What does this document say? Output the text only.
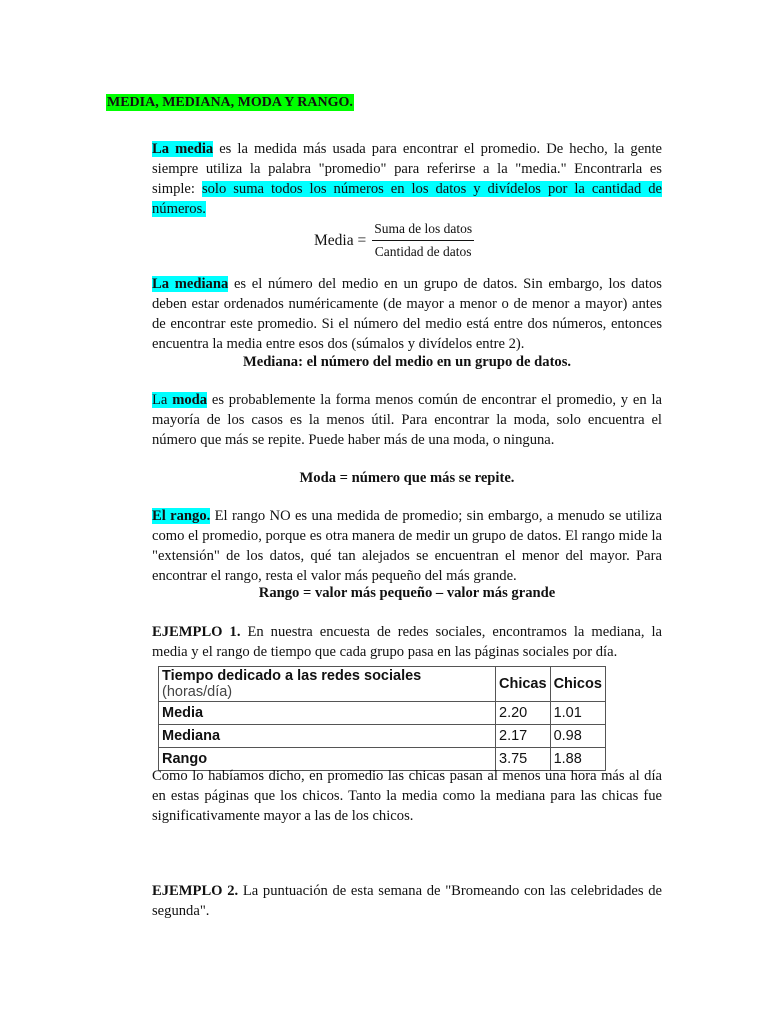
MEDIA, MEDIANA, MODA Y RANGO.

La media es la medida más usada para encontrar el promedio. De hecho, la gente siempre utiliza la palabra "promedio" para referirse a la "media." Encontrarla es simple: solo suma todos los números en los datos y divídelos por la cantidad de números.

Media = $\frac{\text{Suma de los datos}}{\text{Cantidad de datos}}$

La mediana es el número del medio en un grupo de datos. Sin embargo, los datos deben estar ordenados numéricamente (de mayor a menor o de menor a mayor) antes de encontrar este promedio. Si el número del medio está entre dos números, entonces encuentra la media entre esos dos (súmalos y divídelos entre 2).

Mediana: el número del medio en un grupo de datos.

La moda es probablemente la forma menos común de encontrar el promedio, y en la mayoría de los casos es la menos útil. Para encontrar la moda, solo encuentra el número que más se repite. Puede haber más de una moda, o ninguna.

Moda = número que más se repite.

El rango. El rango NO es una medida de promedio; sin embargo, a menudo se utiliza como el promedio, porque es otra manera de medir un grupo de datos. El rango mide la "extensión" de los datos, qué tan alejados se encuentran el menor del mayor. Para encontrar el rango, resta el valor más pequeño del más grande.

Rango = valor más pequeño – valor más grande

EJEMPLO 1. En nuestra encuesta de redes sociales, encontramos la mediana, la media y el rango de tiempo que cada grupo pasa en las páginas sociales por día.

Tiempo dedicado a las redes sociales (horas/día)	Chicas	Chicos
Media	2.20	1.01
Mediana	2.17	0.98
Rango	3.75	1.88

Como lo habíamos dicho, en promedio las chicas pasan al menos una hora más al día en estas páginas que los chicos. Tanto la media como la mediana para las chicas fue significativamente mayor a las de los chicos.

EJEMPLO 2. La puntuación de esta semana de "Bromeando con las celebridades de segunda".
